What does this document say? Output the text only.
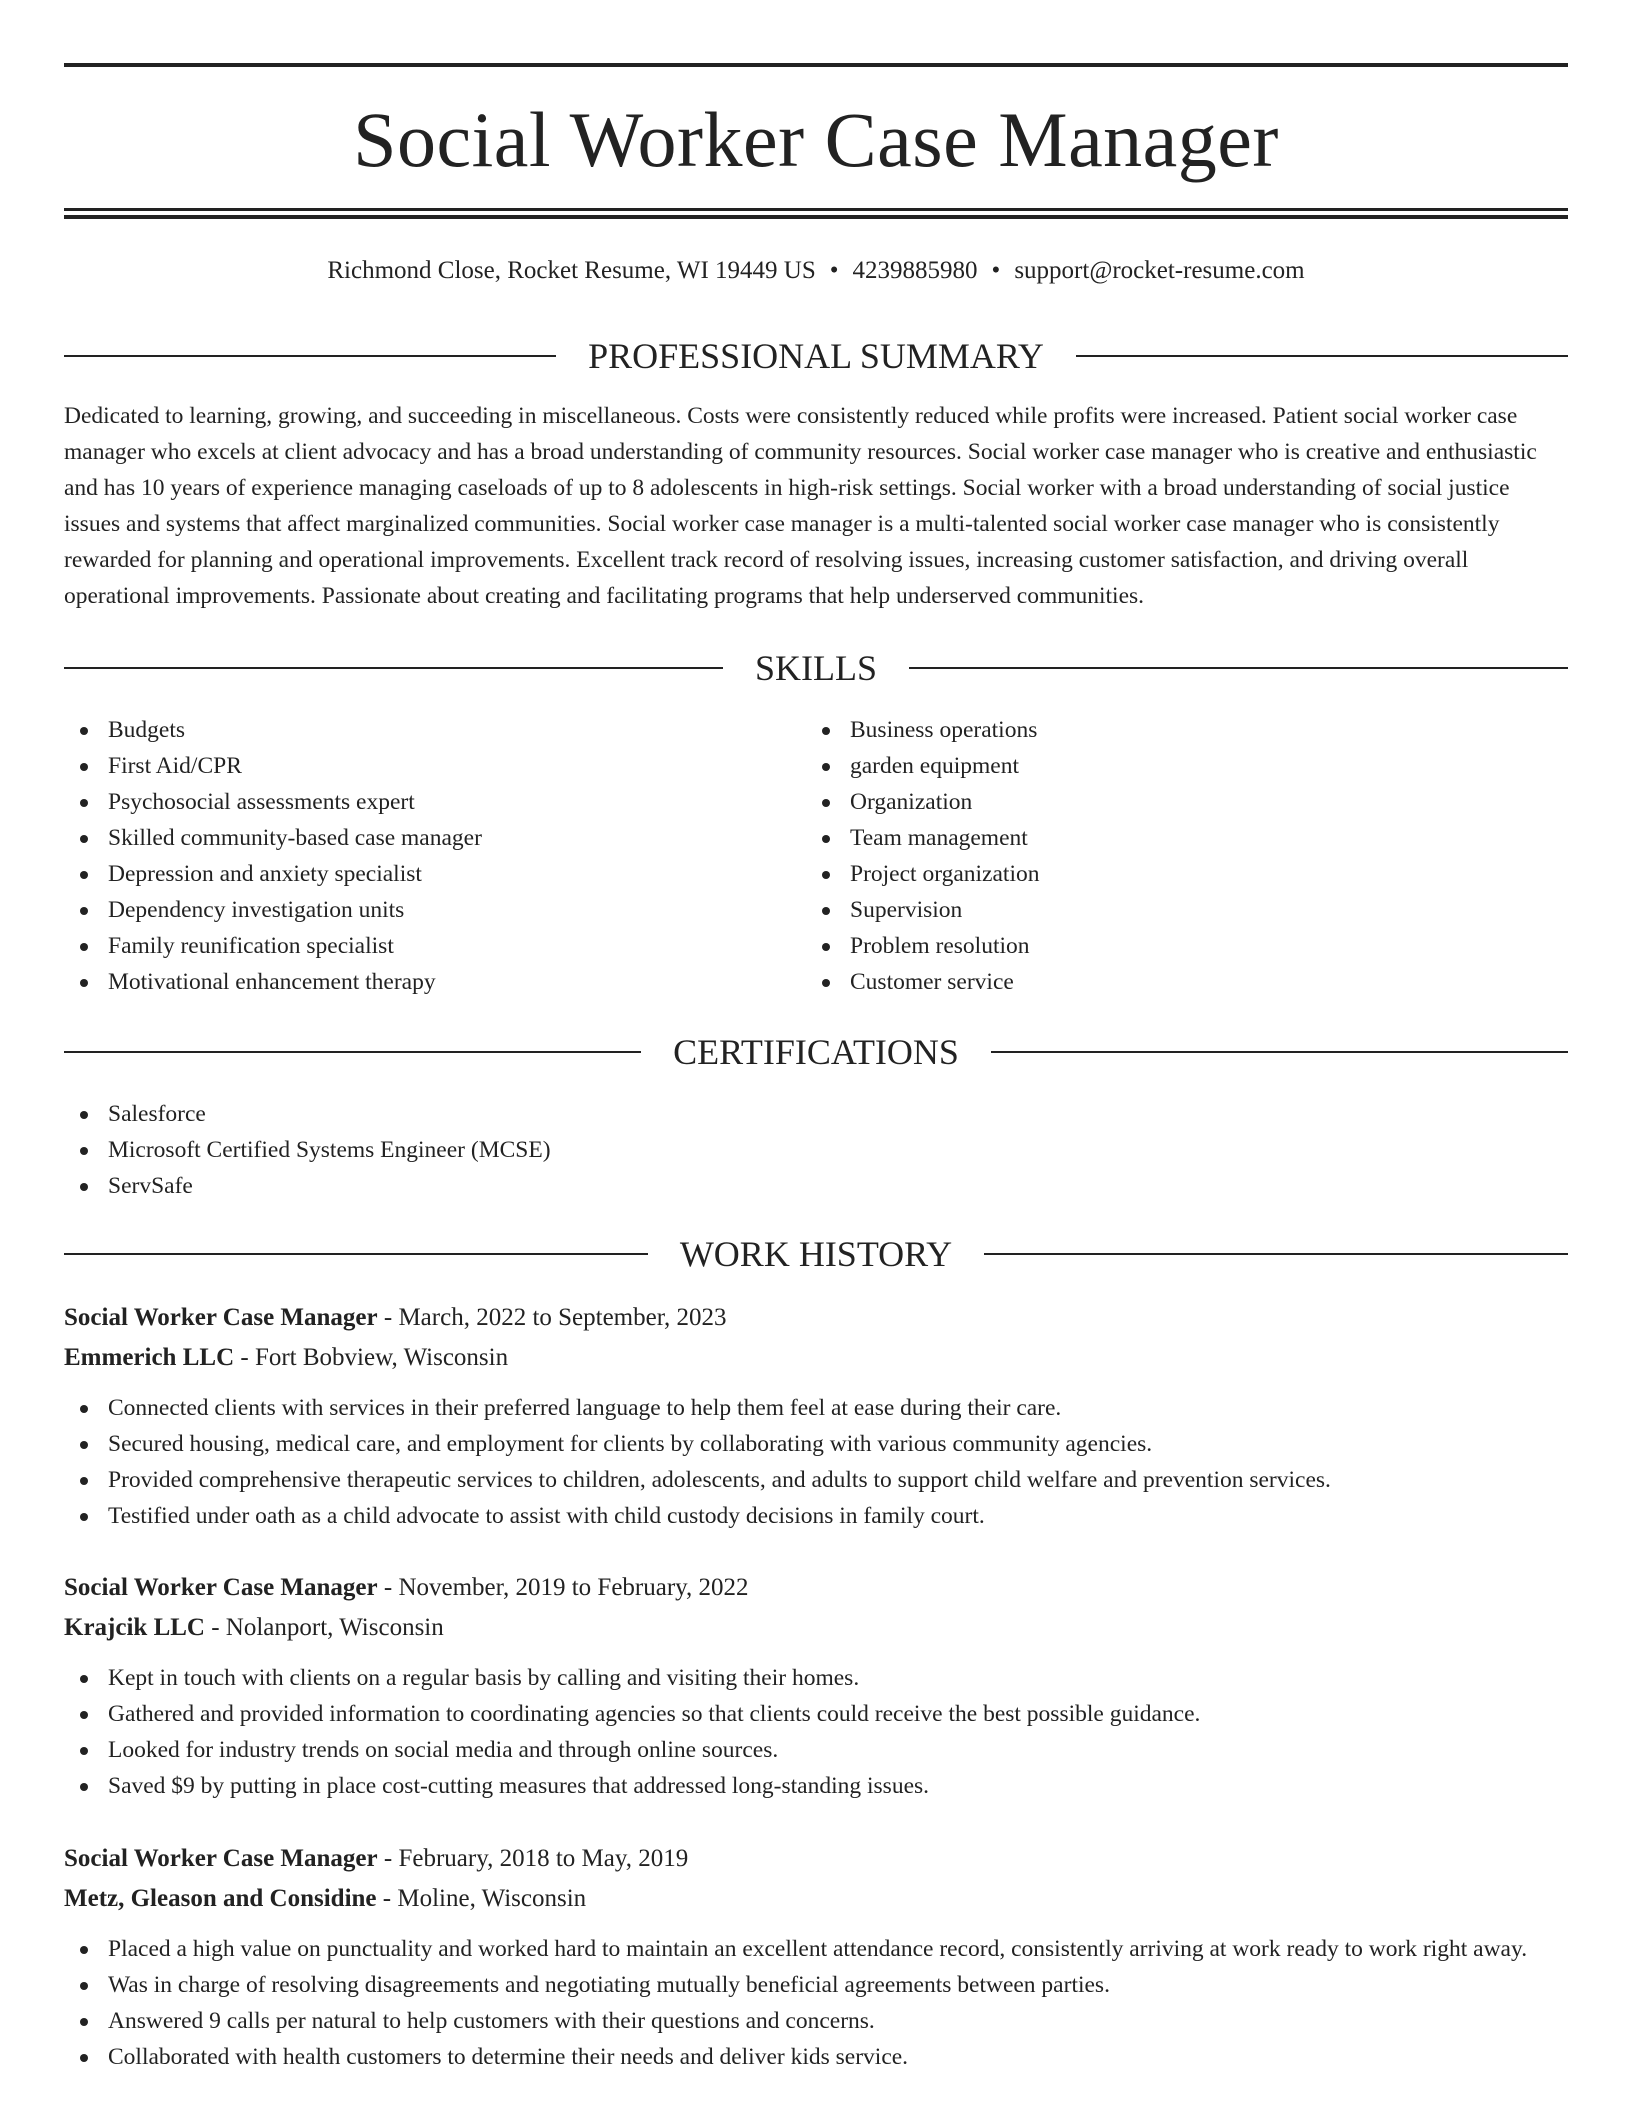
Social Worker Case Manager
Richmond Close, Rocket Resume, WI 19449 US • 4239885980 • support@rocket-resume.com
PROFESSIONAL SUMMARY

Dedicated to learning, growing, and succeeding in miscellaneous. Costs were consistently reduced while profits were increased. Patient social worker case manager who excels at client advocacy and has a broad understanding of community resources. Social worker case manager who is creative and enthusiastic and has 10 years of experience managing caseloads of up to 8 adolescents in high-risk settings. Social worker with a broad understanding of social justice issues and systems that affect marginalized communities. Social worker case manager is a multi-talented social worker case manager who is consistently rewarded for planning and operational improvements. Excellent track record of resolving issues, increasing customer satisfaction, and driving overall operational improvements. Passionate about creating and facilitating programs that help underserved communities.

SKILLS
Budgets
First Aid/CPR
Psychosocial assessments expert
Skilled community-based case manager
Depression and anxiety specialist
Dependency investigation units
Family reunification specialist
Motivational enhancement therapy
Business operations
garden equipment
Organization
Team management
Project organization
Supervision
Problem resolution
Customer service
CERTIFICATIONS
Salesforce
Microsoft Certified Systems Engineer (MCSE)
ServSafe
WORK HISTORY
Social Worker Case Manager - March, 2022 to September, 2023
Emmerich LLC - Fort Bobview, Wisconsin
Connected clients with services in their preferred language to help them feel at ease during their care.
Secured housing, medical care, and employment for clients by collaborating with various community agencies.
Provided comprehensive therapeutic services to children, adolescents, and adults to support child welfare and prevention services.
Testified under oath as a child advocate to assist with child custody decisions in family court.
Social Worker Case Manager - November, 2019 to February, 2022
Krajcik LLC - Nolanport, Wisconsin
Kept in touch with clients on a regular basis by calling and visiting their homes.
Gathered and provided information to coordinating agencies so that clients could receive the best possible guidance.
Looked for industry trends on social media and through online sources.
Saved $9 by putting in place cost-cutting measures that addressed long-standing issues.
Social Worker Case Manager - February, 2018 to May, 2019
Metz, Gleason and Considine - Moline, Wisconsin
Placed a high value on punctuality and worked hard to maintain an excellent attendance record, consistently arriving at work ready to work right away.
Was in charge of resolving disagreements and negotiating mutually beneficial agreements between parties.
Answered 9 calls per natural to help customers with their questions and concerns.
Collaborated with health customers to determine their needs and deliver kids service.
